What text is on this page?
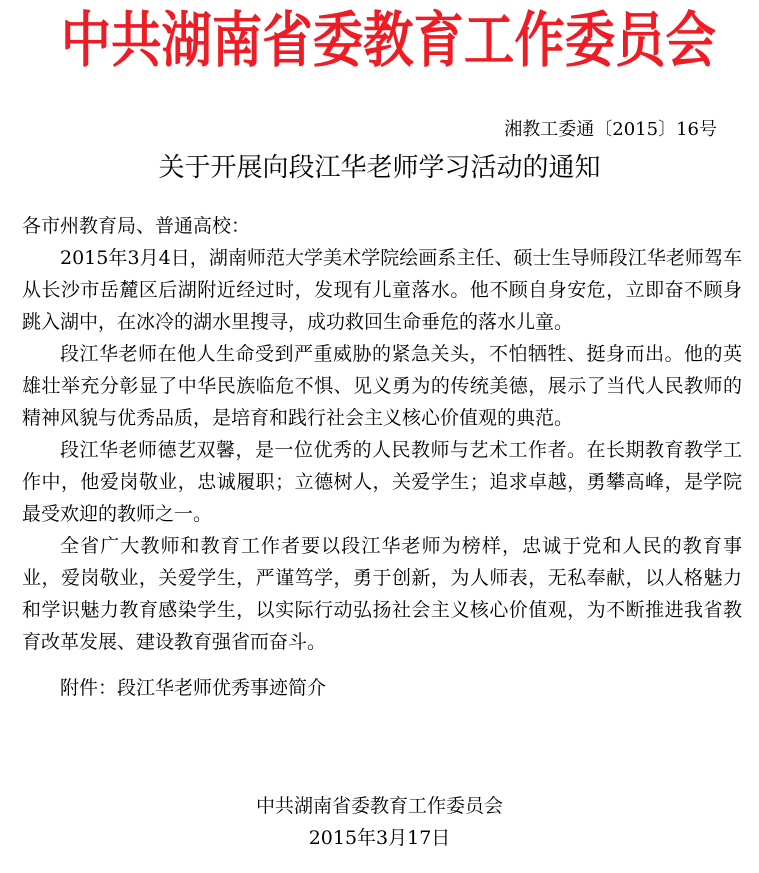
中共湖南省委教育工作委员会
湘教工委通〔2015〕16号
关于开展向段江华老师学习活动的通知

各市州教育局、普通高校：

2015年3月4日，湖南师范大学美术学院绘画系主任、硕士生导师段江华老师驾车从长沙市岳麓区后湖附近经过时，发现有儿童落水。他不顾自身安危，立即奋不顾身跳入湖中，在冰冷的湖水里搜寻，成功救回生命垂危的落水儿童。

段江华老师在他人生命受到严重威胁的紧急关头，不怕牺牲、挺身而出。他的英雄壮举充分彰显了中华民族临危不惧、见义勇为的传统美德，展示了当代人民教师的精神风貌与优秀品质，是培育和践行社会主义核心价值观的典范。

段江华老师德艺双馨，是一位优秀的人民教师与艺术工作者。在长期教育教学工作中，他爱岗敬业，忠诚履职；立德树人，关爱学生；追求卓越，勇攀高峰，是学院最受欢迎的教师之一。

全省广大教师和教育工作者要以段江华老师为榜样，忠诚于党和人民的教育事业，爱岗敬业，关爱学生，严谨笃学，勇于创新，为人师表，无私奉献，以人格魅力和学识魅力教育感染学生，以实际行动弘扬社会主义核心价值观，为不断推进我省教育改革发展、建设教育强省而奋斗。

附件：段江华老师优秀事迹简介

中共湖南省委教育工作委员会
2015年3月17日
